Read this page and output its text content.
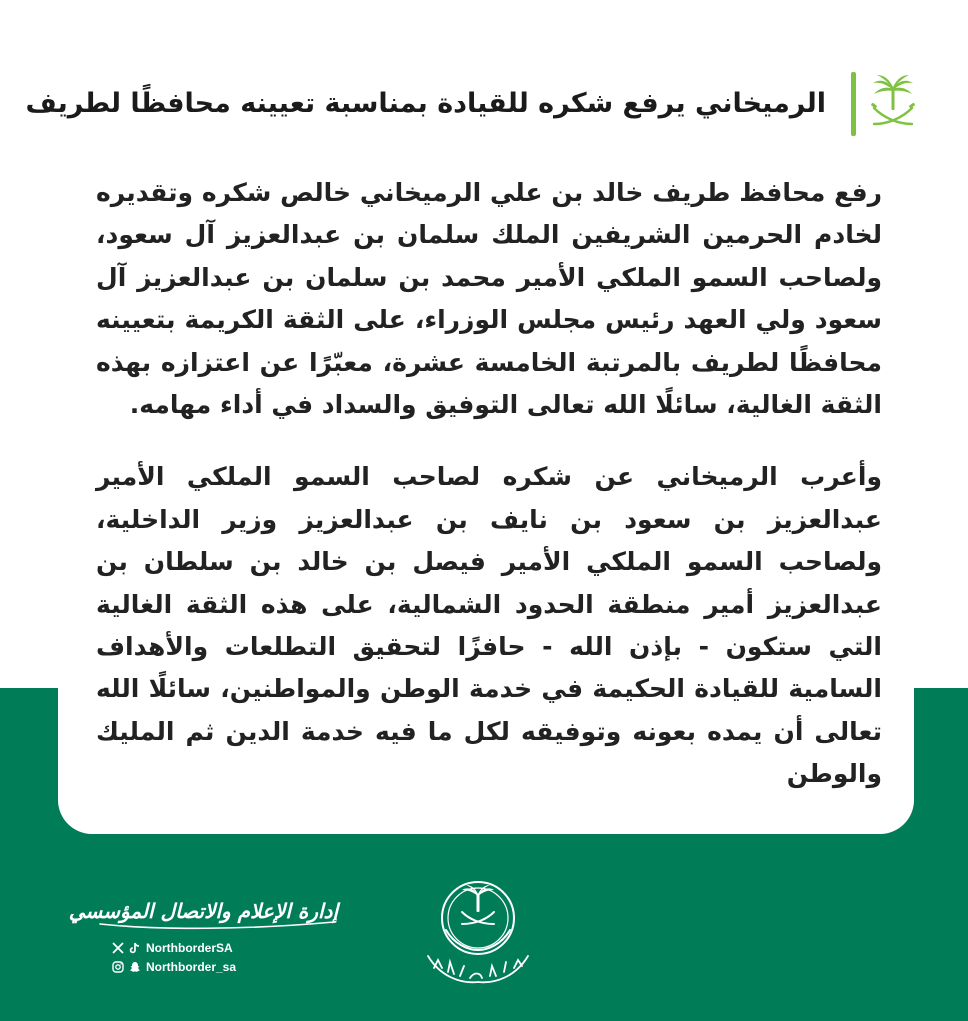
الرميخاني يرفع شكره للقيادة بمناسبة تعيينه محافظًا لطريف

رفع محافظ طريف خالد بن علي الرميخاني خالص شكره وتقديره لخادم الحرمين الشريفين الملك سلمان بن عبدالعزيز آل سعود، ولصاحب السمو الملكي الأمير محمد بن سلمان بن عبدالعزيز آل سعود ولي العهد رئيس مجلس الوزراء، على الثقة الكريمة بتعيينه محافظًا لطريف بالمرتبة الخامسة عشرة، معبّرًا عن اعتزازه بهذه الثقة الغالية، سائلًا الله تعالى التوفيق والسداد في أداء مهامه.

وأعرب الرميخاني عن شكره لصاحب السمو الملكي الأمير عبدالعزيز بن سعود بن نايف بن عبدالعزيز وزير الداخلية، ولصاحب السمو الملكي الأمير فيصل بن خالد بن سلطان بن عبدالعزيز أمير منطقة الحدود الشمالية، على هذه الثقة الغالية التي ستكون - بإذن الله - حافزًا لتحقيق التطلعات والأهداف السامية للقيادة الحكيمة في خدمة الوطن والمواطنين، سائلًا الله تعالى أن يمده بعونه وتوفيقه لكل ما فيه خدمة الدين ثم المليك والوطن

إدارة الإعلام والاتصال المؤسسي
NorthborderSA
Northborder_sa
